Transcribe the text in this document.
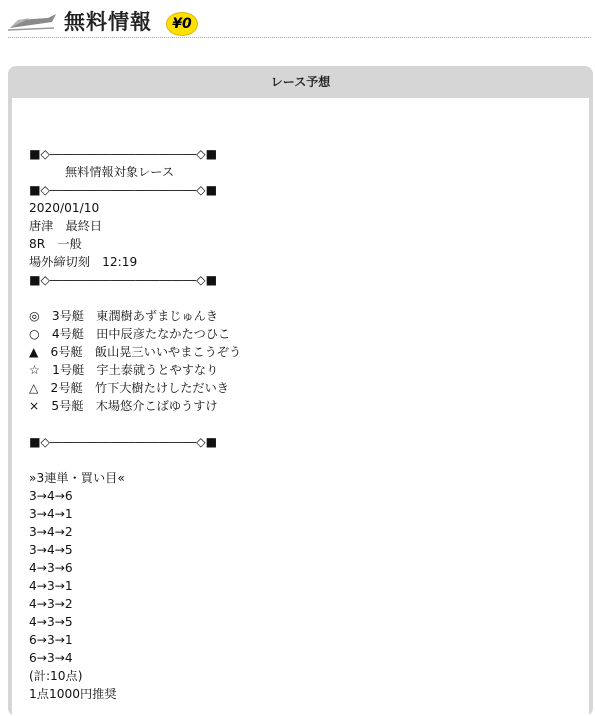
無料情報	¥0
レース予想
■◇――――――――――――◇■
無料情報対象レース
■◇――――――――――――◇■
2020/01/10
唐津　最終日
8R　一般
場外締切刻　12:19
■◇――――――――――――◇■
◎　3号艇　東潤樹あずまじゅんき
○　4号艇　田中辰彦たなかたつひこ
▲　6号艇　飯山晃三いいやまこうぞう
☆　1号艇　宇土泰就うとやすなり
△　2号艇　竹下大樹たけしただいき
×　5号艇　木場悠介こばゆうすけ
■◇――――――――――――◇■
»3連単・買い目«
3→4→6
3→4→1
3→4→2
3→4→5
4→3→6
4→3→1
4→3→2
4→3→5
6→3→1
6→3→4
(計:10点)
1点1000円推奨
